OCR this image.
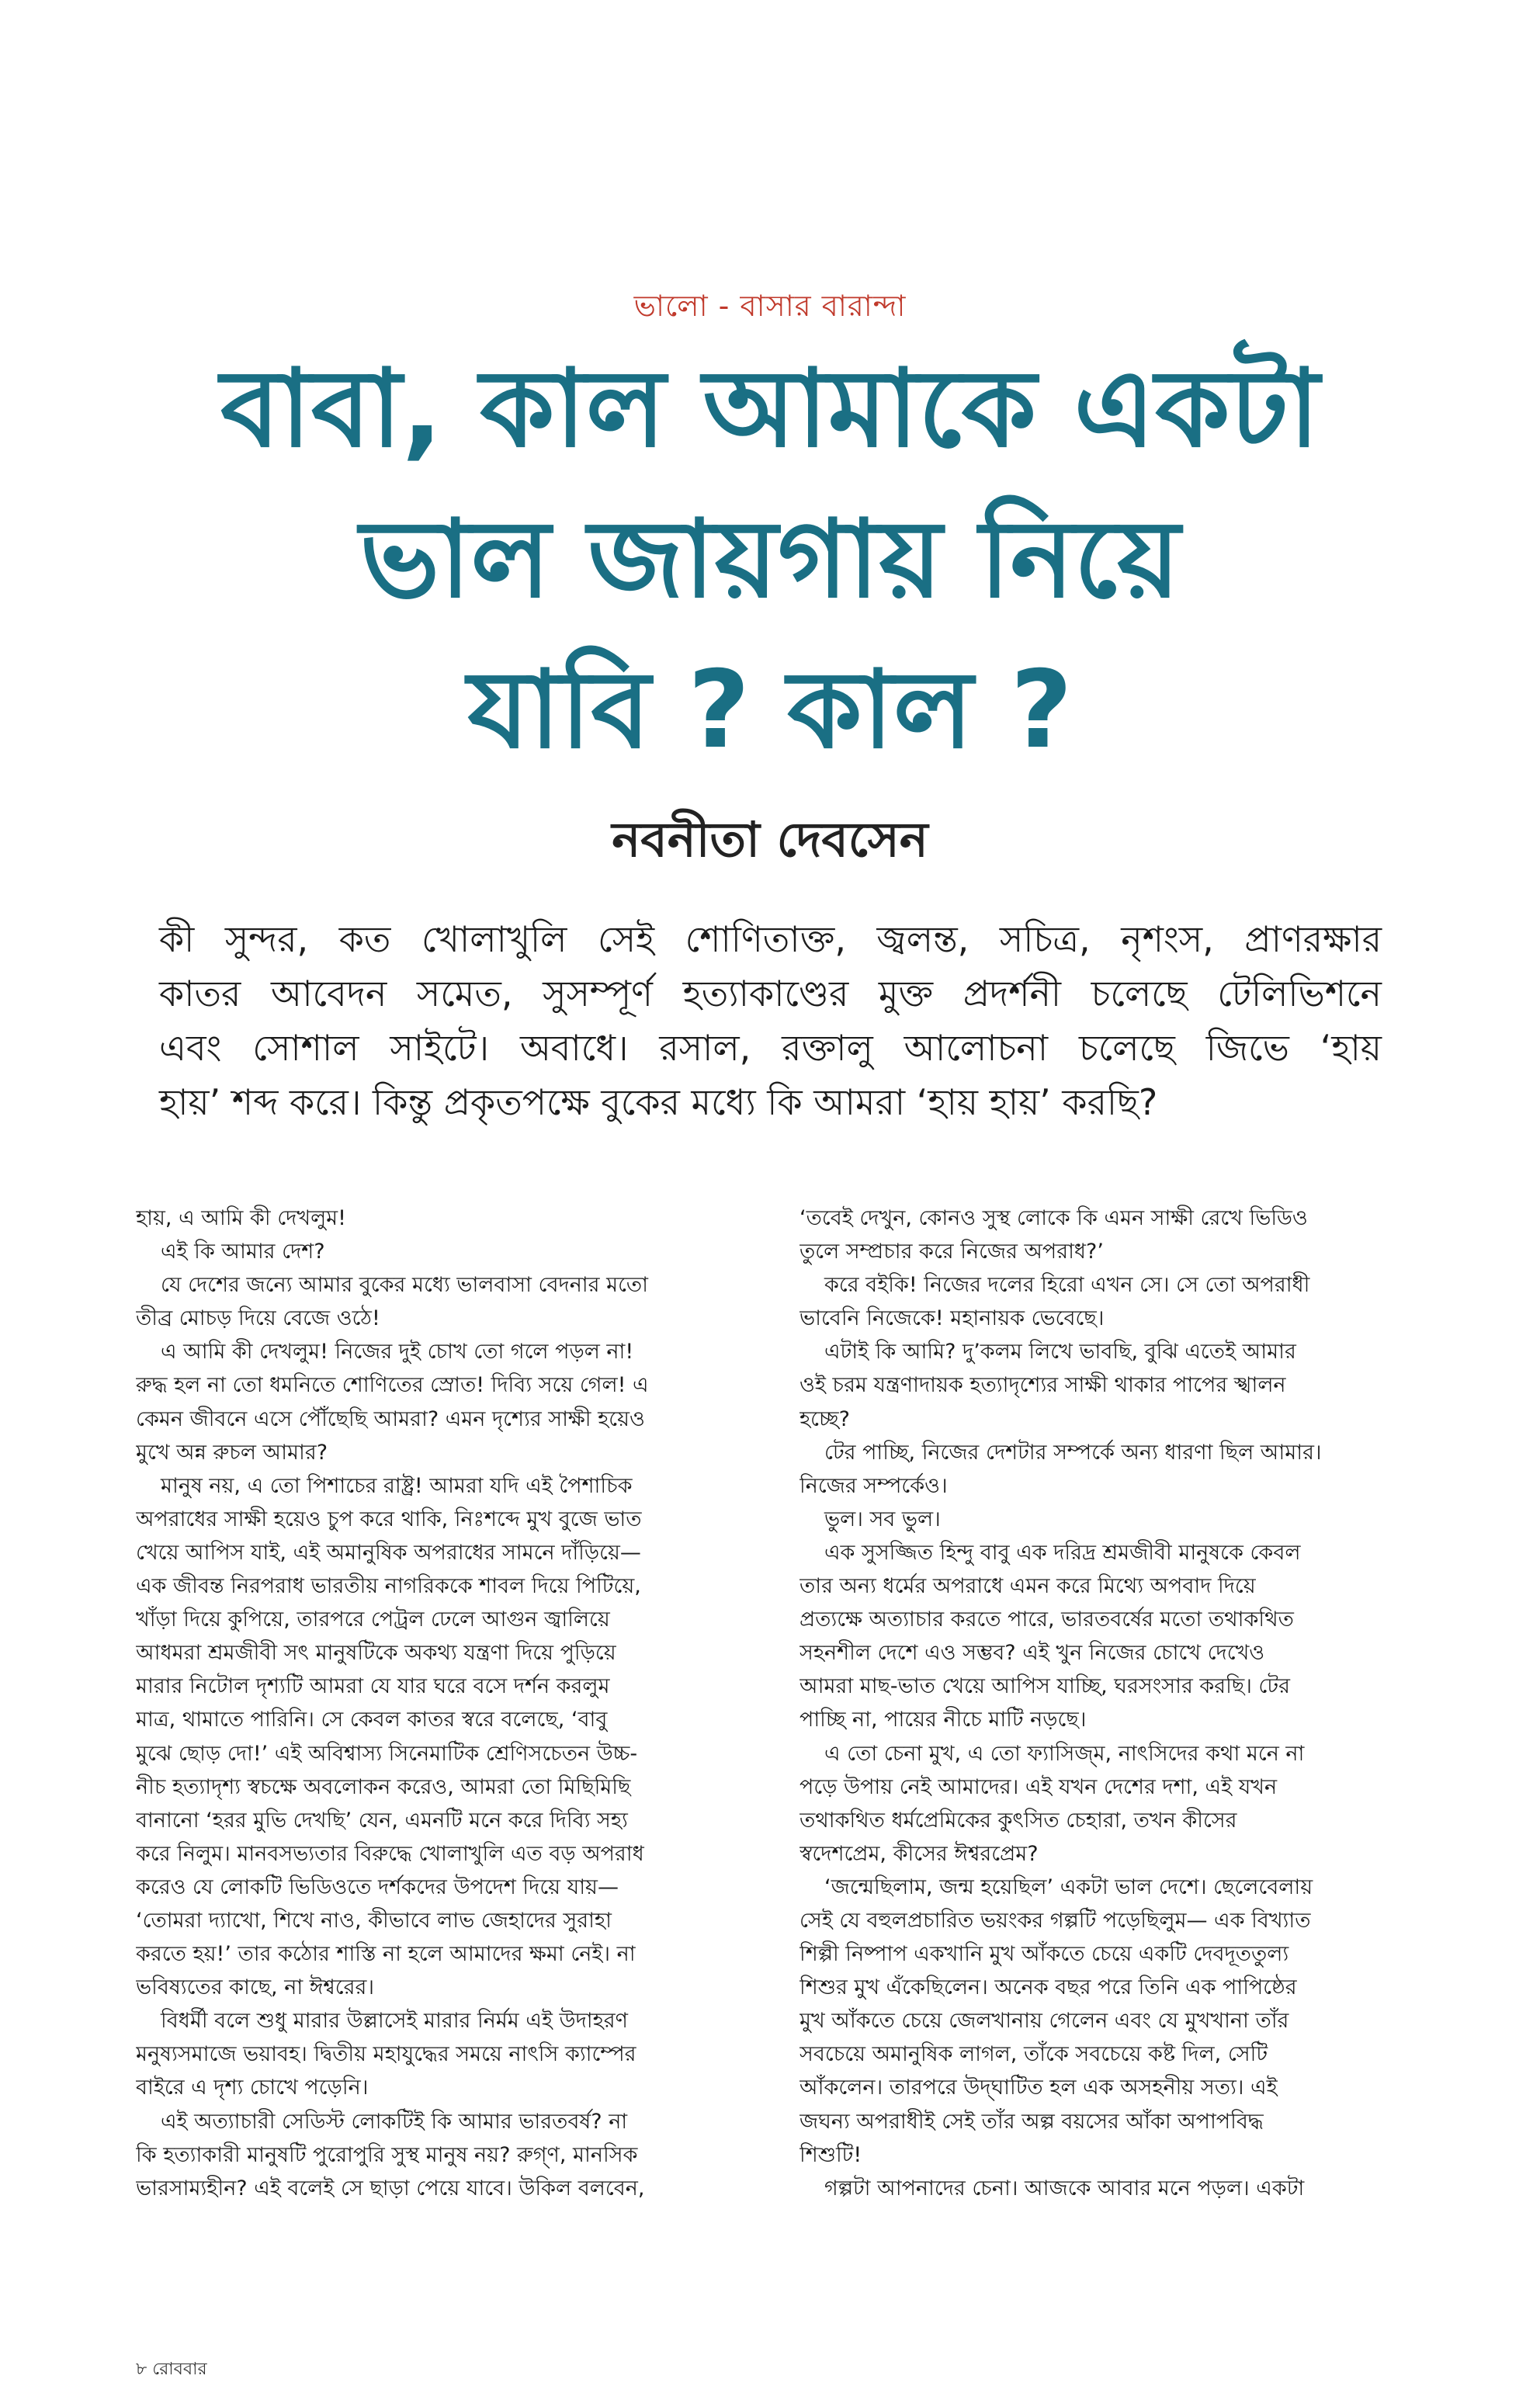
ভালো - বাসার বারান্দা
বাবা, কাল আমাকে একটা
ভাল জায়গায় নিয়ে
যাবি ? কাল ?
নবনীতা দেবসেন

কী সুন্দর, কত খোলাখুলি সেই শোণিতাক্ত, জ্বলন্ত, সচিত্র, নৃশংস, প্রাণরক্ষার
কাতর আবেদন সমেত, সুসম্পূর্ণ হত্যাকাণ্ডের মুক্ত প্রদর্শনী চলেছে টেলিভিশনে
এবং সোশাল সাইটে। অবাধে। রসাল, রক্তালু আলোচনা চলেছে জিভে ‘হায়
হায়’ শব্দ করে। কিন্তু প্রকৃতপক্ষে বুকের মধ্যে কি আমরা ‘হায় হায়’ করছি?

হায়, এ আমি কী দেখলুম!
এই কি আমার দেশ?
যে দেশের জন্যে আমার বুকের মধ্যে ভালবাসা বেদনার মতো
তীব্র মোচড় দিয়ে বেজে ওঠে!
এ আমি কী দেখলুম! নিজের দুই চোখ তো গলে পড়ল না!
রুদ্ধ হল না তো ধমনিতে শোণিতের স্রোত! দিব্যি সয়ে গেল! এ
কেমন জীবনে এসে পৌঁছেছি আমরা? এমন দৃশ্যের সাক্ষী হয়েও
মুখে অন্ন রুচল আমার?
মানুষ নয়, এ তো পিশাচের রাষ্ট্র! আমরা যদি এই পৈশাচিক
অপরাধের সাক্ষী হয়েও চুপ করে থাকি, নিঃশব্দে মুখ বুজে ভাত
খেয়ে আপিস যাই, এই অমানুষিক অপরাধের সামনে দাঁড়িয়ে—
এক জীবন্ত নিরপরাধ ভারতীয় নাগরিককে শাবল দিয়ে পিটিয়ে,
খাঁড়া দিয়ে কুপিয়ে, তারপরে পেট্রল ঢেলে আগুন জ্বালিয়ে
আধমরা শ্রমজীবী সৎ মানুষটিকে অকথ্য যন্ত্রণা দিয়ে পুড়িয়ে
মারার নিটোল দৃশ্যটি আমরা যে যার ঘরে বসে দর্শন করলুম
মাত্র, থামাতে পারিনি। সে কেবল কাতর স্বরে বলেছে, ‘বাবু
মুঝে ছোড় দো!’ এই অবিশ্বাস্য সিনেমাটিক শ্রেণিসচেতন উচ্চ-
নীচ হত্যাদৃশ্য স্বচক্ষে অবলোকন করেও, আমরা তো মিছিমিছি
বানানো ‘হরর মুভি দেখছি’ যেন, এমনটি মনে করে দিব্যি সহ্য
করে নিলুম। মানবসভ্যতার বিরুদ্ধে খোলাখুলি এত বড় অপরাধ
করেও যে লোকটি ভিডিওতে দর্শকদের উপদেশ দিয়ে যায়—
‘তোমরা দ্যাখো, শিখে নাও, কীভাবে লাভ জেহাদের সুরাহা
করতে হয়!’ তার কঠোর শাস্তি না হলে আমাদের ক্ষমা নেই। না
ভবিষ্যতের কাছে, না ঈশ্বরের।
বিধর্মী বলে শুধু মারার উল্লাসেই মারার নির্মম এই উদাহরণ
মনুষ্যসমাজে ভয়াবহ। দ্বিতীয় মহাযুদ্ধের সময়ে নাৎসি ক্যাম্পের
বাইরে এ দৃশ্য চোখে পড়েনি।
এই অত্যাচারী সেডিস্ট লোকটিই কি আমার ভারতবর্ষ? না
কি হত্যাকারী মানুষটি পুরোপুরি সুস্থ মানুষ নয়? রুগ্ণ, মানসিক
ভারসাম্যহীন? এই বলেই সে ছাড়া পেয়ে যাবে। উকিল বলবেন,
‘তবেই দেখুন, কোনও সুস্থ লোকে কি এমন সাক্ষী রেখে ভিডিও
তুলে সম্প্রচার করে নিজের অপরাধ?’
করে বইকি! নিজের দলের হিরো এখন সে। সে তো অপরাধী
ভাবেনি নিজেকে! মহানায়ক ভেবেছে।
এটাই কি আমি? দু’কলম লিখে ভাবছি, বুঝি এতেই আমার
ওই চরম যন্ত্রণাদায়ক হত্যাদৃশ্যের সাক্ষী থাকার পাপের স্খালন
হচ্ছে?
টের পাচ্ছি, নিজের দেশটার সম্পর্কে অন্য ধারণা ছিল আমার।
নিজের সম্পর্কেও।
ভুল। সব ভুল।
এক সুসজ্জিত হিন্দু বাবু এক দরিদ্র শ্রমজীবী মানুষকে কেবল
তার অন্য ধর্মের অপরাধে এমন করে মিথ্যে অপবাদ দিয়ে
প্রত্যক্ষে অত্যাচার করতে পারে, ভারতবর্ষের মতো তথাকথিত
সহনশীল দেশে এও সম্ভব? এই খুন নিজের চোখে দেখেও
আমরা মাছ-ভাত খেয়ে আপিস যাচ্ছি, ঘরসংসার করছি। টের
পাচ্ছি না, পায়ের নীচে মাটি নড়ছে।
এ তো চেনা মুখ, এ তো ফ্যাসিজ্‌ম, নাৎসিদের কথা মনে না
পড়ে উপায় নেই আমাদের। এই যখন দেশের দশা, এই যখন
তথাকথিত ধর্মপ্রেমিকের কুৎসিত চেহারা, তখন কীসের
স্বদেশপ্রেম, কীসের ঈশ্বরপ্রেম?
‘জন্মেছিলাম, জন্ম হয়েছিল’ একটা ভাল দেশে। ছেলেবেলায়
সেই যে বহুলপ্রচারিত ভয়ংকর গল্পটি পড়েছিলুম— এক বিখ্যাত
শিল্পী নিষ্পাপ একখানি মুখ আঁকতে চেয়ে একটি দেবদূততুল্য
শিশুর মুখ এঁকেছিলেন। অনেক বছর পরে তিনি এক পাপিষ্ঠের
মুখ আঁকতে চেয়ে জেলখানায় গেলেন এবং যে মুখখানা তাঁর
সবচেয়ে অমানুষিক লাগল, তাঁকে সবচেয়ে কষ্ট দিল, সেটি
আঁকলেন। তারপরে উদ্‌ঘাটিত হল এক অসহনীয় সত্য। এই
জঘন্য অপরাধীই সেই তাঁর অল্প বয়সের আঁকা অপাপবিদ্ধ
শিশুটি!
গল্পটা আপনাদের চেনা। আজকে আবার মনে পড়ল। একটা
৮ রোববার
